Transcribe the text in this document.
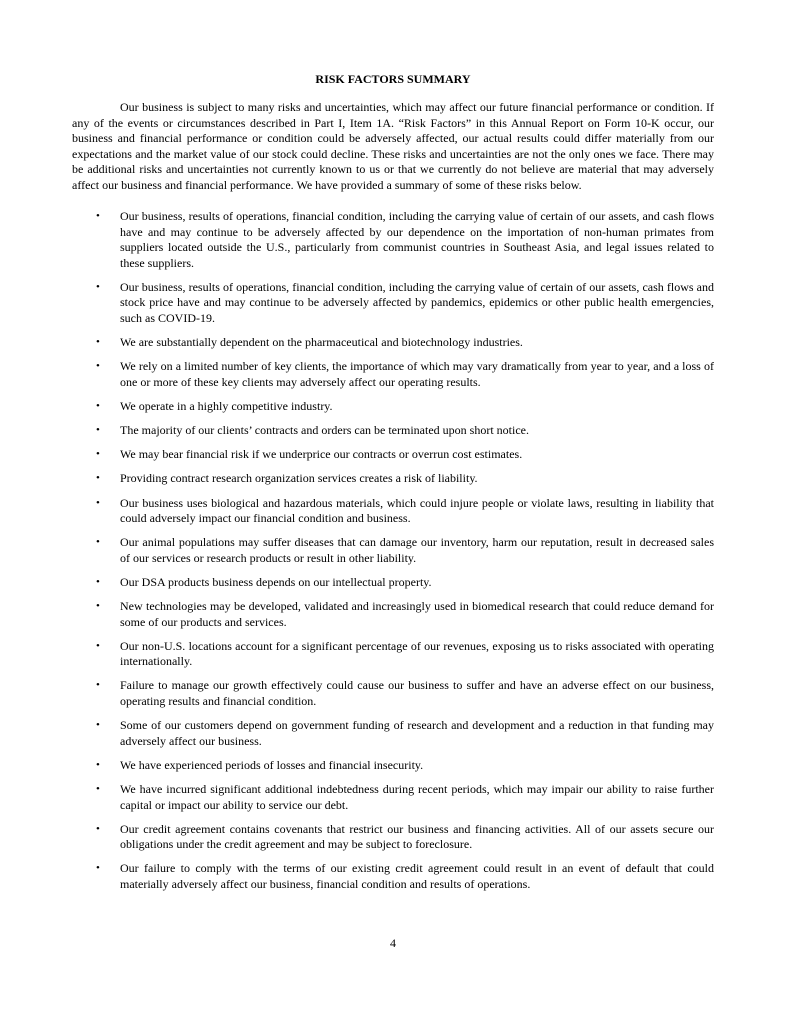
RISK FACTORS SUMMARY

Our business is subject to many risks and uncertainties, which may affect our future financial performance or condition. If any of the events or circumstances described in Part I, Item 1A. “Risk Factors” in this Annual Report on Form 10-K occur, our business and financial performance or condition could be adversely affected, our actual results could differ materially from our expectations and the market value of our stock could decline. These risks and uncertainties are not the only ones we face. There may be additional risks and uncertainties not currently known to us or that we currently do not believe are material that may adversely affect our business and financial performance. We have provided a summary of some of these risks below.

• Our business, results of operations, financial condition, including the carrying value of certain of our assets, and cash flows have and may continue to be adversely affected by our dependence on the importation of non-human primates from suppliers located outside the U.S., particularly from communist countries in Southeast Asia, and legal issues related to these suppliers.
• Our business, results of operations, financial condition, including the carrying value of certain of our assets, cash flows and stock price have and may continue to be adversely affected by pandemics, epidemics or other public health emergencies, such as COVID-19.
• We are substantially dependent on the pharmaceutical and biotechnology industries.
• We rely on a limited number of key clients, the importance of which may vary dramatically from year to year, and a loss of one or more of these key clients may adversely affect our operating results.
• We operate in a highly competitive industry.
• The majority of our clients’ contracts and orders can be terminated upon short notice.
• We may bear financial risk if we underprice our contracts or overrun cost estimates.
• Providing contract research organization services creates a risk of liability.
• Our business uses biological and hazardous materials, which could injure people or violate laws, resulting in liability that could adversely impact our financial condition and business.
• Our animal populations may suffer diseases that can damage our inventory, harm our reputation, result in decreased sales of our services or research products or result in other liability.
• Our DSA products business depends on our intellectual property.
• New technologies may be developed, validated and increasingly used in biomedical research that could reduce demand for some of our products and services.
• Our non-U.S. locations account for a significant percentage of our revenues, exposing us to risks associated with operating internationally.
• Failure to manage our growth effectively could cause our business to suffer and have an adverse effect on our business, operating results and financial condition.
• Some of our customers depend on government funding of research and development and a reduction in that funding may adversely affect our business.
• We have experienced periods of losses and financial insecurity.
• We have incurred significant additional indebtedness during recent periods, which may impair our ability to raise further capital or impact our ability to service our debt.
• Our credit agreement contains covenants that restrict our business and financing activities. All of our assets secure our obligations under the credit agreement and may be subject to foreclosure.
• Our failure to comply with the terms of our existing credit agreement could result in an event of default that could materially adversely affect our business, financial condition and results of operations.
4
